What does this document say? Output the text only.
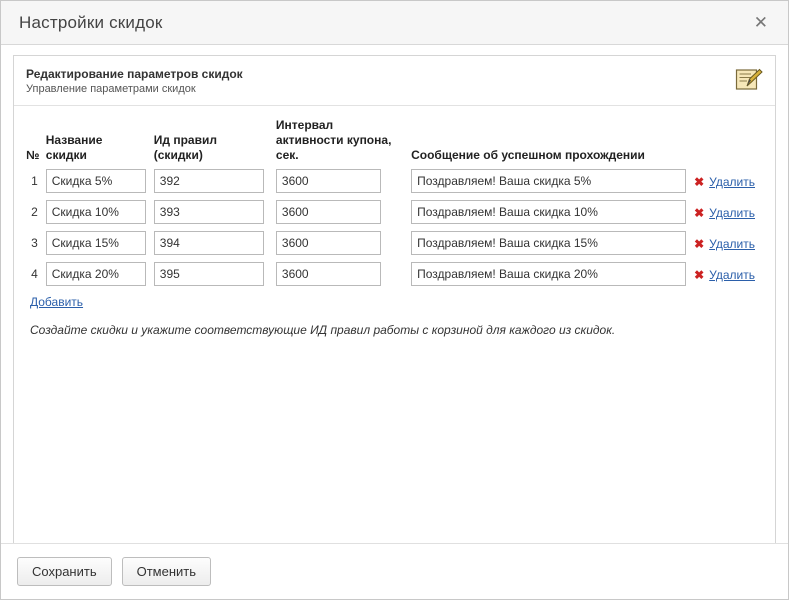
Настройки скидок	✕
Редактирование параметров скидок
Управление параметрами скидок
№	Название скидки	Ид правил (скидки)	Интервал активности купона, сек.	Сообщение об успешном прохождении	
1	Скидка 5%	392	3600	Поздравляем! Ваша скидка 5%	✖ Удалить
2	Скидка 10%	393	3600	Поздравляем! Ваша скидка 10%	✖ Удалить
3	Скидка 15%	394	3600	Поздравляем! Ваша скидка 15%	✖ Удалить
4	Скидка 20%	395	3600	Поздравляем! Ваша скидка 20%	✖ Удалить
Добавить
Создайте скидки и укажите соответствующие ИД правил работы с корзиной для каждого из скидок.
Сохранить	Отменить
